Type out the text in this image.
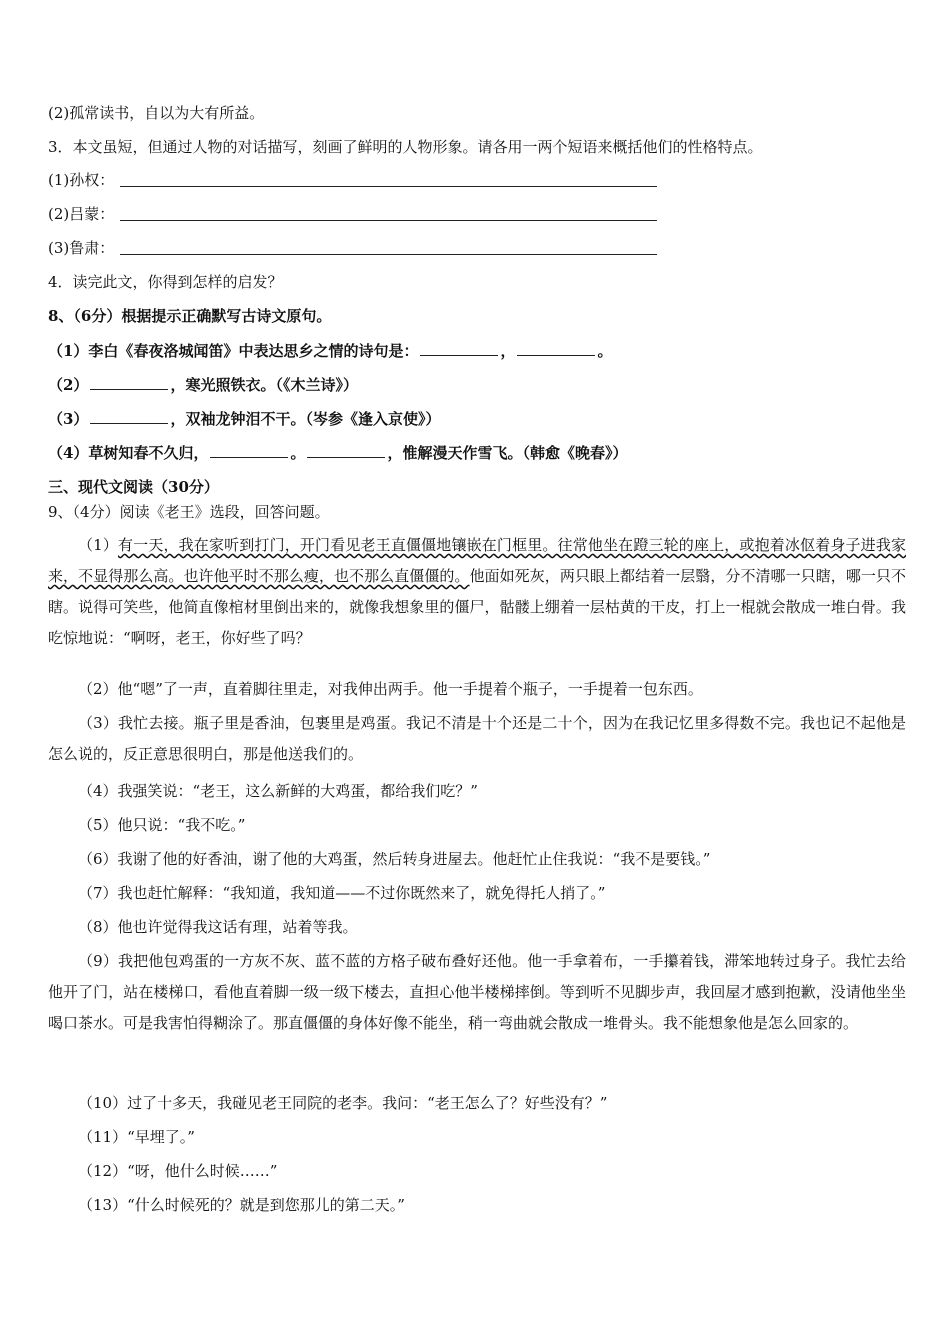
(2)孤常读书，自以为大有所益。
3．本文虽短，但通过人物的对话描写，刻画了鲜明的人物形象。请各用一两个短语来概括他们的性格特点。
(1)孙权：
(2)吕蒙：
(3)鲁肃：
4．读完此文，你得到怎样的启发？
8、（6分）根据提示正确默写古诗文原句。
（1）李白《春夜洛城闻笛》中表达思乡之情的诗句是：	，	。
（2）	，寒光照铁衣。（《木兰诗》）
（3）	，双袖龙钟泪不干。（岑参《逢入京使》）
（4）草树知春不久归，	。	，惟解漫天作雪飞。（韩愈《晚春》）
三、现代文阅读（30分）
9、（4分）阅读《老王》选段，回答问题。
（1）有一天，我在家听到打门，开门看见老王直僵僵地镶嵌在门框里。往常他坐在蹬三轮的座上，或抱着冰伛着身子进我家来，不显得那么高。也许他平时不那么瘦，也不那么直僵僵的。他面如死灰，两只眼上都结着一层翳，分不清哪一只瞎，哪一只不瞎。说得可笑些，他简直像棺材里倒出来的，就像我想象里的僵尸，骷髅上绷着一层枯黄的干皮，打上一棍就会散成一堆白骨。我吃惊地说：“啊呀，老王，你好些了吗？
（2）他“嗯”了一声，直着脚往里走，对我伸出两手。他一手提着个瓶子，一手提着一包东西。
（3）我忙去接。瓶子里是香油，包裹里是鸡蛋。我记不清是十个还是二十个，因为在我记忆里多得数不完。我也记不起他是怎么说的，反正意思很明白，那是他送我们的。
（4）我强笑说：“老王，这么新鲜的大鸡蛋，都给我们吃？”
（5）他只说：“我不吃。”
（6）我谢了他的好香油，谢了他的大鸡蛋，然后转身进屋去。他赶忙止住我说：“我不是要钱。”
（7）我也赶忙解释：“我知道，我知道——不过你既然来了，就免得托人捎了。”
（8）他也许觉得我这话有理，站着等我。
（9）我把他包鸡蛋的一方灰不灰、蓝不蓝的方格子破布叠好还他。他一手拿着布，一手攥着钱，滞笨地转过身子。我忙去给他开了门，站在楼梯口，看他直着脚一级一级下楼去，直担心他半楼梯摔倒。等到听不见脚步声，我回屋才感到抱歉，没请他坐坐喝口茶水。可是我害怕得糊涂了。那直僵僵的身体好像不能坐，稍一弯曲就会散成一堆骨头。我不能想象他是怎么回家的。
（10）过了十多天，我碰见老王同院的老李。我问：“老王怎么了？好些没有？”
（11）“早埋了。”
（12）“呀，他什么时候……”
（13）“什么时候死的？就是到您那儿的第二天。”
